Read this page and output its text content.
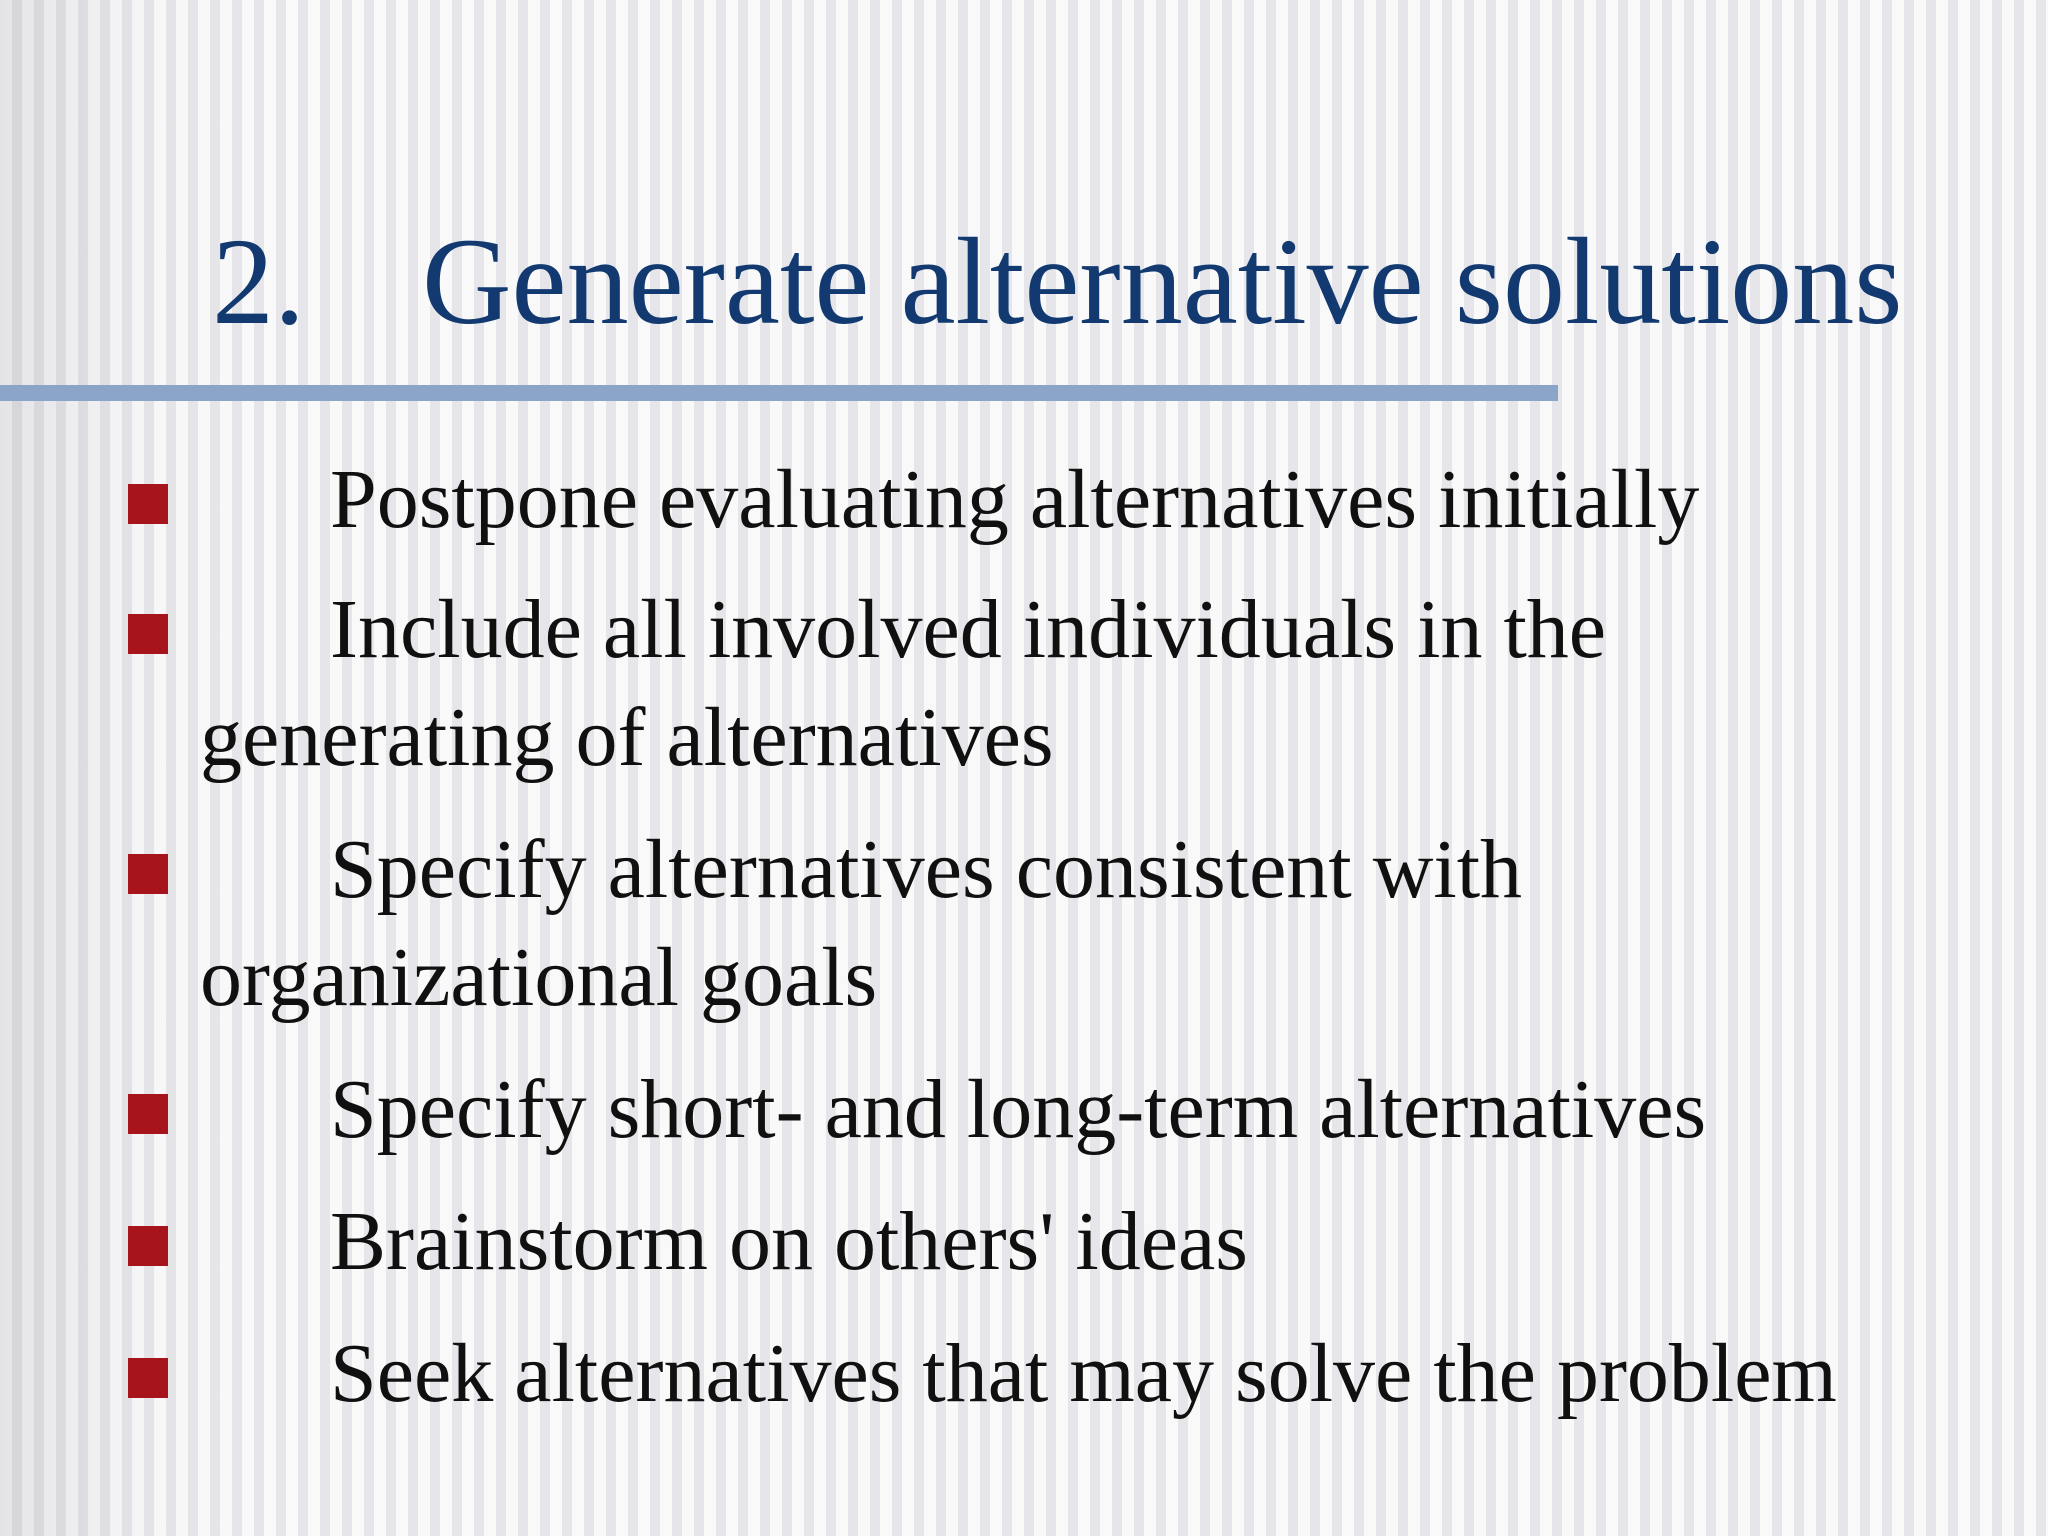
2. Generate alternative solutions
Postpone evaluating alternatives initially
Include all involved individuals in the
generating of alternatives
Specify alternatives consistent with
organizational goals
Specify short- and long-term alternatives
Brainstorm on others' ideas
Seek alternatives that may solve the problem
